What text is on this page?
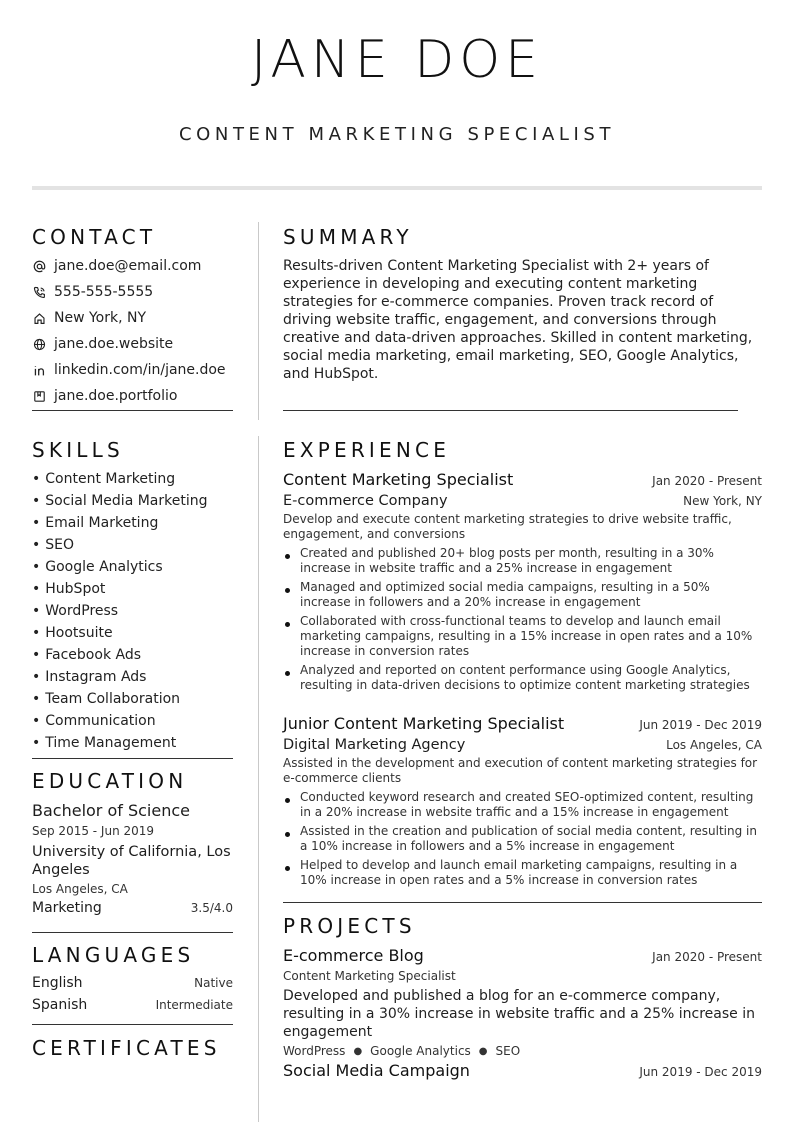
JANE DOE
CONTENT MARKETING SPECIALIST
CONTACT
jane.doe@email.com
555-555-5555
New York, NY
jane.doe.website
linkedin.com/in/jane.doe
jane.doe.portfolio
SKILLS
• Content Marketing
• Social Media Marketing
• Email Marketing
• SEO
• Google Analytics
• HubSpot
• WordPress
• Hootsuite
• Facebook Ads
• Instagram Ads
• Team Collaboration
• Communication
• Time Management
EDUCATION
Bachelor of Science
Sep 2015 - Jun 2019
University of California, Los Angeles
Los Angeles, CA
Marketing	3.5/4.0
LANGUAGES
English	Native
Spanish	Intermediate
CERTIFICATES
SUMMARY
Results-driven Content Marketing Specialist with 2+ years of experience in developing and executing content marketing strategies for e-commerce companies. Proven track record of driving website traffic, engagement, and conversions through creative and data-driven approaches. Skilled in content marketing, social media marketing, email marketing, SEO, Google Analytics, and HubSpot.
EXPERIENCE
Content Marketing Specialist	Jan 2020 - Present
E-commerce Company	New York, NY
Develop and execute content marketing strategies to drive website traffic, engagement, and conversions
Created and published 20+ blog posts per month, resulting in a 30% increase in website traffic and a 25% increase in engagement
Managed and optimized social media campaigns, resulting in a 50% increase in followers and a 20% increase in engagement
Collaborated with cross-functional teams to develop and launch email marketing campaigns, resulting in a 15% increase in open rates and a 10% increase in conversion rates
Analyzed and reported on content performance using Google Analytics, resulting in data-driven decisions to optimize content marketing strategies
Junior Content Marketing Specialist	Jun 2019 - Dec 2019
Digital Marketing Agency	Los Angeles, CA
Assisted in the development and execution of content marketing strategies for e-commerce clients
Conducted keyword research and created SEO-optimized content, resulting in a 20% increase in website traffic and a 15% increase in engagement
Assisted in the creation and publication of social media content, resulting in a 10% increase in followers and a 5% increase in engagement
Helped to develop and launch email marketing campaigns, resulting in a 10% increase in open rates and a 5% increase in conversion rates
PROJECTS
E-commerce Blog	Jan 2020 - Present
Content Marketing Specialist
Developed and published a blog for an e-commerce company, resulting in a 30% increase in website traffic and a 25% increase in engagement
WordPress ● Google Analytics ● SEO
Social Media Campaign	Jun 2019 - Dec 2019
